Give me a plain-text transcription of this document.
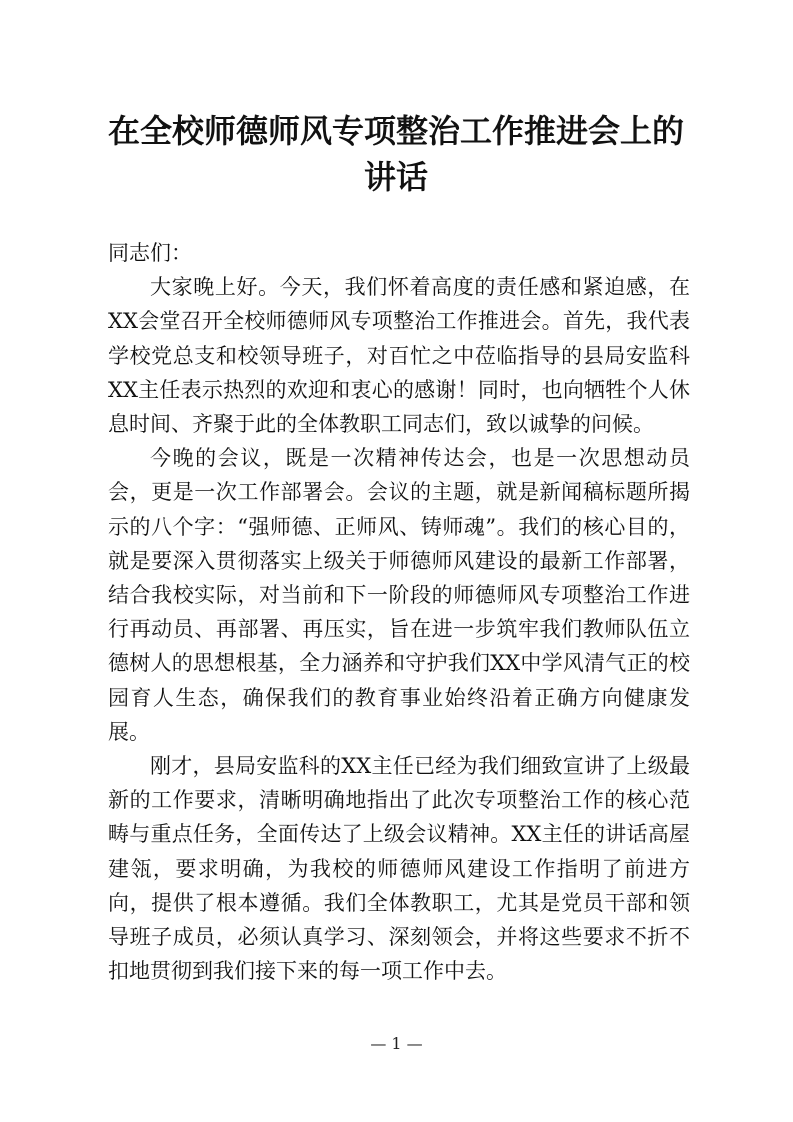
在全校师德师风专项整治工作推进会上的讲话

同志们：

大家晚上好。今天，我们怀着高度的责任感和紧迫感，在XX会堂召开全校师德师风专项整治工作推进会。首先，我代表学校党总支和校领导班子，对百忙之中莅临指导的县局安监科XX主任表示热烈的欢迎和衷心的感谢！同时，也向牺牲个人休息时间、齐聚于此的全体教职工同志们，致以诚挚的问候。

今晚的会议，既是一次精神传达会，也是一次思想动员会，更是一次工作部署会。会议的主题，就是新闻稿标题所揭示的八个字：“强师德、正师风、铸师魂”。我们的核心目的，就是要深入贯彻落实上级关于师德师风建设的最新工作部署，结合我校实际，对当前和下一阶段的师德师风专项整治工作进行再动员、再部署、再压实，旨在进一步筑牢我们教师队伍立德树人的思想根基，全力涵养和守护我们XX中学风清气正的校园育人生态，确保我们的教育事业始终沿着正确方向健康发展。

刚才，县局安监科的XX主任已经为我们细致宣讲了上级最新的工作要求，清晰明确地指出了此次专项整治工作的核心范畴与重点任务，全面传达了上级会议精神。XX主任的讲话高屋建瓴，要求明确，为我校的师德师风建设工作指明了前进方向，提供了根本遵循。我们全体教职工，尤其是党员干部和领导班子成员，必须认真学习、深刻领会，并将这些要求不折不扣地贯彻到我们接下来的每一项工作中去。

— 1 —
